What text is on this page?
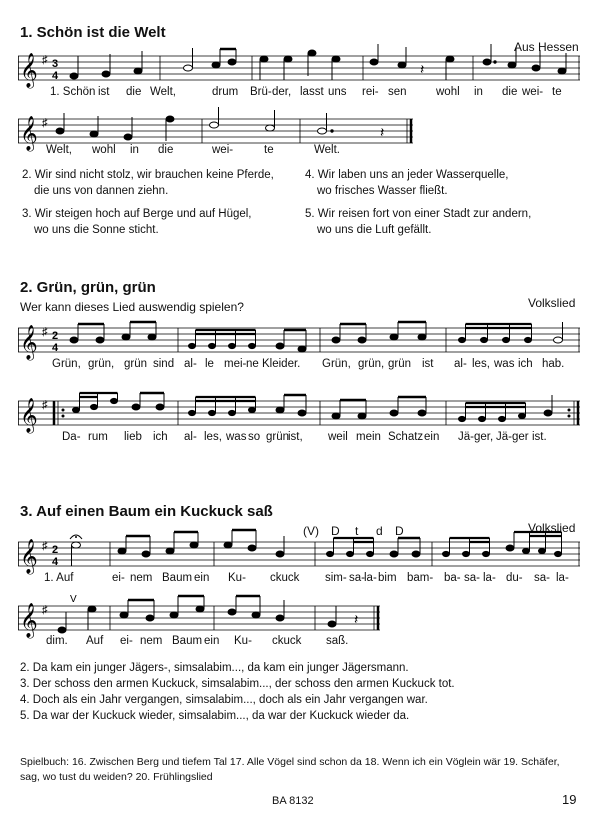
1. Schön ist die Welt
Aus Hessen
𝄞 ♯ 3
4	𝄽
1. Schön ist die Welt,	drum Brü- der, lasst uns rei- sen	wohl in die wei- te
𝄞 ♯
𝄽
Welt, wohl in die	wei-	te	Welt.
2. Wir sind nicht stolz, wir brauchen keine Pferde,
die uns von dannen ziehn.
3. Wir steigen hoch auf Berge und auf Hügel,
wo uns die Sonne sticht.
4. Wir laben uns an jeder Wasserquelle,
wo frisches Wasser fließt.
5. Wir reisen fort von einer Stadt zur andern,
wo uns die Luft gefällt.
2. Grün, grün, grün
Wer kann dieses Lied auswendig spielen?	Volkslied
𝄞 ♯ 2
4
Grün, grün, grün sind al- le mei- ne Kleider. Grün, grün, grün ist al- les, was ich hab.
𝄞 ♯
Da- rum lieb ich al- les, was so grün
ist, weil mein Schatz ein Jä- ger, Jä- ger ist.
3. Auf einen Baum ein Kuckuck saß
Volkslied
(V) D t d D
𝄞 ♯ 2
4
1. Auf	ei- nem Baum ein Ku- ckuck sim- sa- la- bim bam- ba- sa- la- du- sa- la-
𝄞 ♯
V
𝄽
dim. Auf ei- nem Baum ein Ku- ckuck saß.
2. Da kam ein junger Jägers-, simsalabim..., da kam ein junger Jägersmann.
3. Der schoss den armen Kuckuck, simsalabim..., der schoss den armen Kuckuck tot.
4. Doch als ein Jahr vergangen, simsalabim..., doch als ein Jahr vergangen war.
5. Da war der Kuckuck wieder, simsalabim..., da war der Kuckuck wieder da.
Spielbuch: 16. Zwischen Berg und tiefem Tal 17. Alle Vögel sind schon da 18. Wenn ich ein Vöglein wär 19. Schäfer, sag, wo tust du weiden? 20. Frühlingslied
BA 8132	19
